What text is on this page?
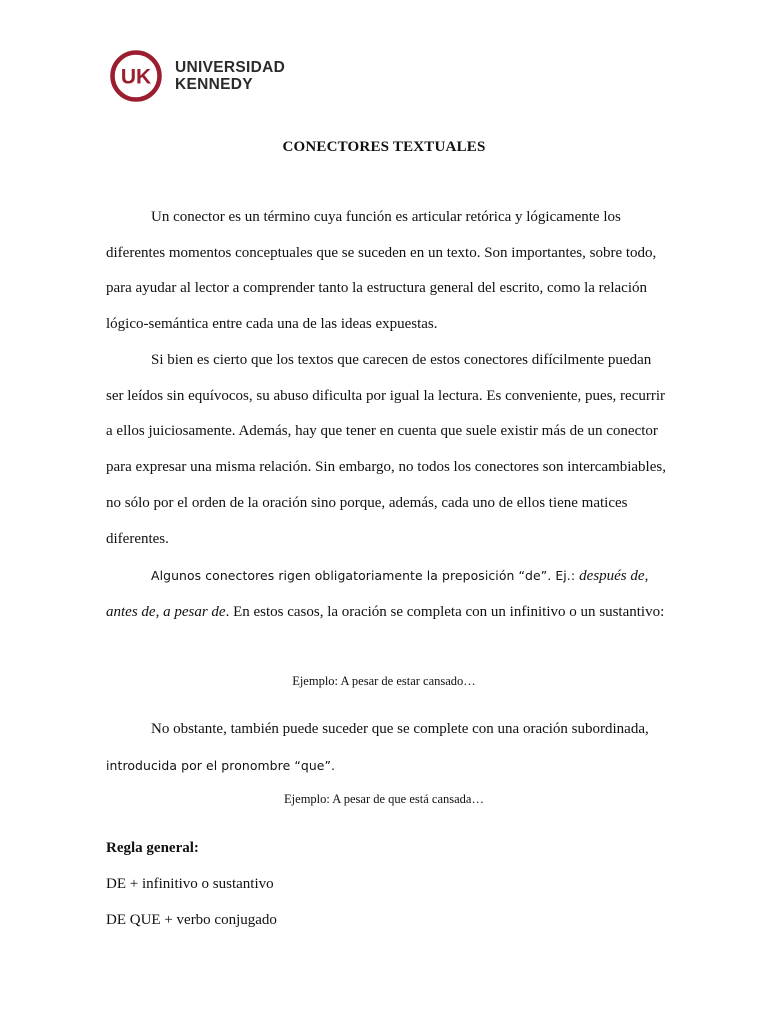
UK UNIVERSIDAD
KENNEDY
CONECTORES TEXTUALES

Un conector es un término cuya función es articular retórica y lógicamente los diferentes momentos conceptuales que se suceden en un texto. Son importantes, sobre todo, para ayudar al lector a comprender tanto la estructura general del escrito, como la relación lógico-semántica entre cada una de las ideas expuestas.

Si bien es cierto que los textos que carecen de estos conectores difícilmente puedan ser leídos sin equívocos, su abuso dificulta por igual la lectura. Es conveniente, pues, recurrir a ellos juiciosamente. Además, hay que tener en cuenta que suele existir más de un conector para expresar una misma relación. Sin embargo, no todos los conectores son intercambiables, no sólo por el orden de la oración sino porque, además, cada uno de ellos tiene matices diferentes.

Algunos conectores rigen obligatoriamente la preposición “de”. Ej.: después de, antes de, a pesar de. En estos casos, la oración se completa con un infinitivo o un sustantivo:

Ejemplo: A pesar de estar cansado…

No obstante, también puede suceder que se complete con una oración subordinada,
introducida por el pronombre “que”.

Ejemplo: A pesar de que está cansada…
Regla general:
DE + infinitivo o sustantivo
DE QUE + verbo conjugado
